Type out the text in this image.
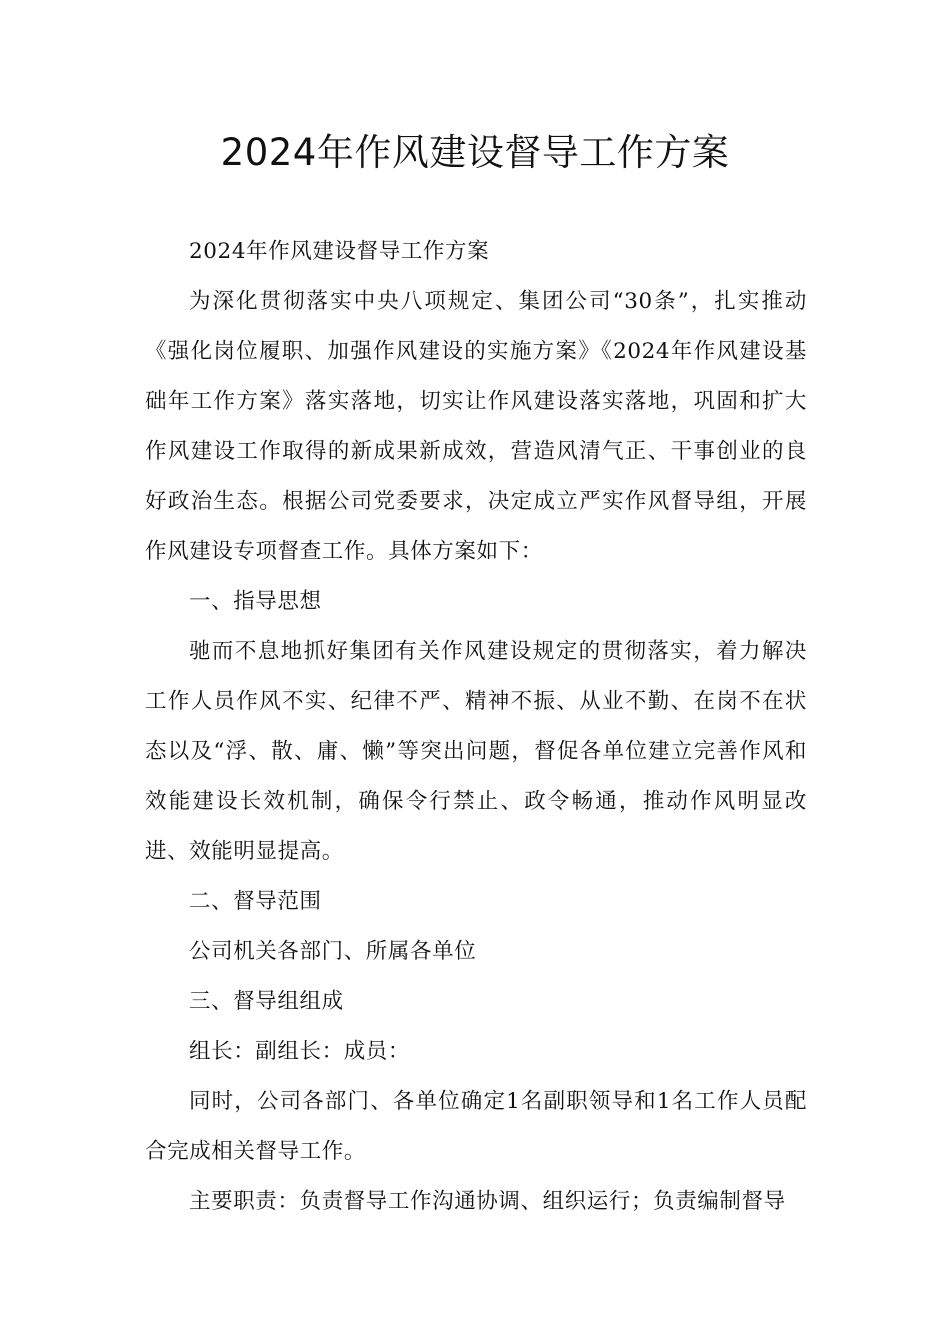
2024年作风建设督导工作方案

2024年作风建设督导工作方案

为深化贯彻落实中央八项规定、集团公司“30条”，扎实推动《强化岗位履职、加强作风建设的实施方案》《2024年作风建设基础年工作方案》落实落地，切实让作风建设落实落地，巩固和扩大作风建设工作取得的新成果新成效，营造风清气正、干事创业的良好政治生态。根据公司党委要求，决定成立严实作风督导组，开展作风建设专项督查工作。具体方案如下：

一、指导思想

驰而不息地抓好集团有关作风建设规定的贯彻落实，着力解决工作人员作风不实、纪律不严、精神不振、从业不勤、在岗不在状态以及“浮、散、庸、懒”等突出问题，督促各单位建立完善作风和效能建设长效机制，确保令行禁止、政令畅通，推动作风明显改进、效能明显提高。

二、督导范围

公司机关各部门、所属各单位

三、督导组组成

组长：副组长：成员：

同时，公司各部门、各单位确定1名副职领导和1名工作人员配合完成相关督导工作。

主要职责：负责督导工作沟通协调、组织运行；负责编制督导
